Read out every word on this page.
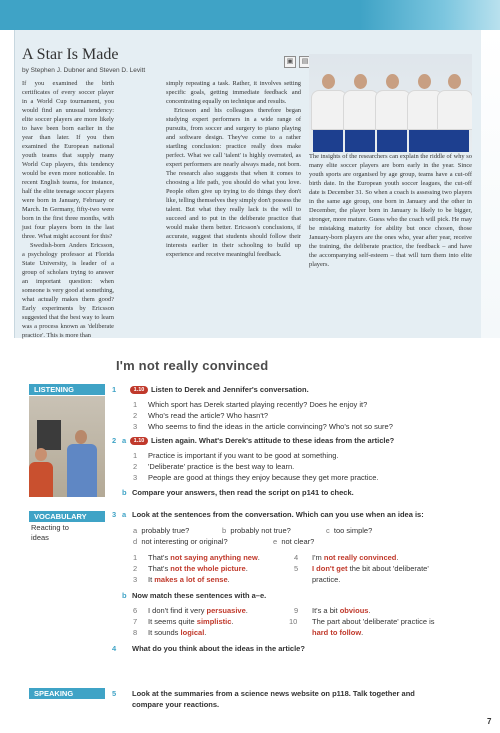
A Star Is Made
by Stephen J. Dubner and Steven D. Levitt
▣	▤

If you examined the birth certificates of every soccer player in a World Cup tournament, you would find an unusual tendency: elite soccer players are more likely to have been born earlier in the year than later. If you then examined the European national youth teams that supply many World Cup players, this tendency would be even more noticeable. In recent English teams, for instance, half the elite teenage soccer players were born in January, February or March. In Germany, fifty-two were born in the first three months, with just four players born in the last three. What might account for this?

Swedish-born Anders Ericsson, a psychology professor at Florida State University, is leader of a group of scholars trying to answer an important question: when someone is very good at something, what actually makes them good? Early experiments by Ericsson suggested that the best way to learn was a process known as 'deliberate practice'. This is more than

simply repeating a task. Rather, it involves setting specific goals, getting immediate feedback and concentrating equally on technique and results.

Ericsson and his colleagues therefore began studying expert performers in a wide range of pursuits, from soccer and surgery to piano playing and software design. They've come to a rather startling conclusion: practice really does make perfect. What we call 'talent' is highly overrated, as expert performers are nearly always made, not born. The research also suggests that when it comes to choosing a life path, you should do what you love. People often give up trying to do things they don't like, telling themselves they simply don't possess the talent. But what they really lack is the will to succeed and to put in the deliberate practice that would make them better. Ericsson's conclusions, if accurate, suggest that students should follow their interests earlier in their schooling to build up experience and receive meaningful feedback.

The insights of the researchers can explain the riddle of why so many elite soccer players are born early in the year. Since youth sports are organised by age group, teams have a cut-off birth date. In the European youth soccer leagues, the cut-off date is December 31. So when a coach is assessing two players in the same age group, one born in January and the other in December, the player born in January is likely to be bigger, stronger, more mature. Guess who the coach will pick. He may be mistaking maturity for ability but once chosen, those January-born players are the ones who, year after year, receive the training, the deliberate practice, the feedback – and have the accompanying self-esteem – that will turn them into elite players.

I'm not really convinced
LISTENING
VOCABULARY
Reacting to
ideas
SPEAKING
1	1.10 Listen to Derek and Jennifer's conversation.
1 Which sport has Derek started playing recently? Does he enjoy it?
2 Who's read the article? Who hasn't?
3 Who seems to find the ideas in the article convincing? Who's not so sure?
2 a	1.10 Listen again. What's Derek's attitude to these ideas from the article?
1 Practice is important if you want to be good at something.
2 'Deliberate' practice is the best way to learn.
3 People are good at things they enjoy because they get more practice.
b Compare your answers, then read the script on p141 to check.
3 a Look at the sentences from the conversation. Which can you use when an idea is:
a probably true?	b probably not true?	c too simple?
d not interesting or original?	e not clear?
1 That's not saying anything new.
2 That's not the whole picture.
3 It makes a lot of sense.
4 I'm not really convinced.
5 I don't get the bit about 'deliberate'
practice.
b Now match these sentences with a–e.
6 I don't find it very persuasive.
7 It seems quite simplistic.
8 It sounds logical.
9 It's a bit obvious.
10 The part about 'deliberate' practice is
hard to follow.
4 What do you think about the ideas in the article?
5 Look at the summaries from a science news website on p118. Talk together and
compare your reactions.
7
